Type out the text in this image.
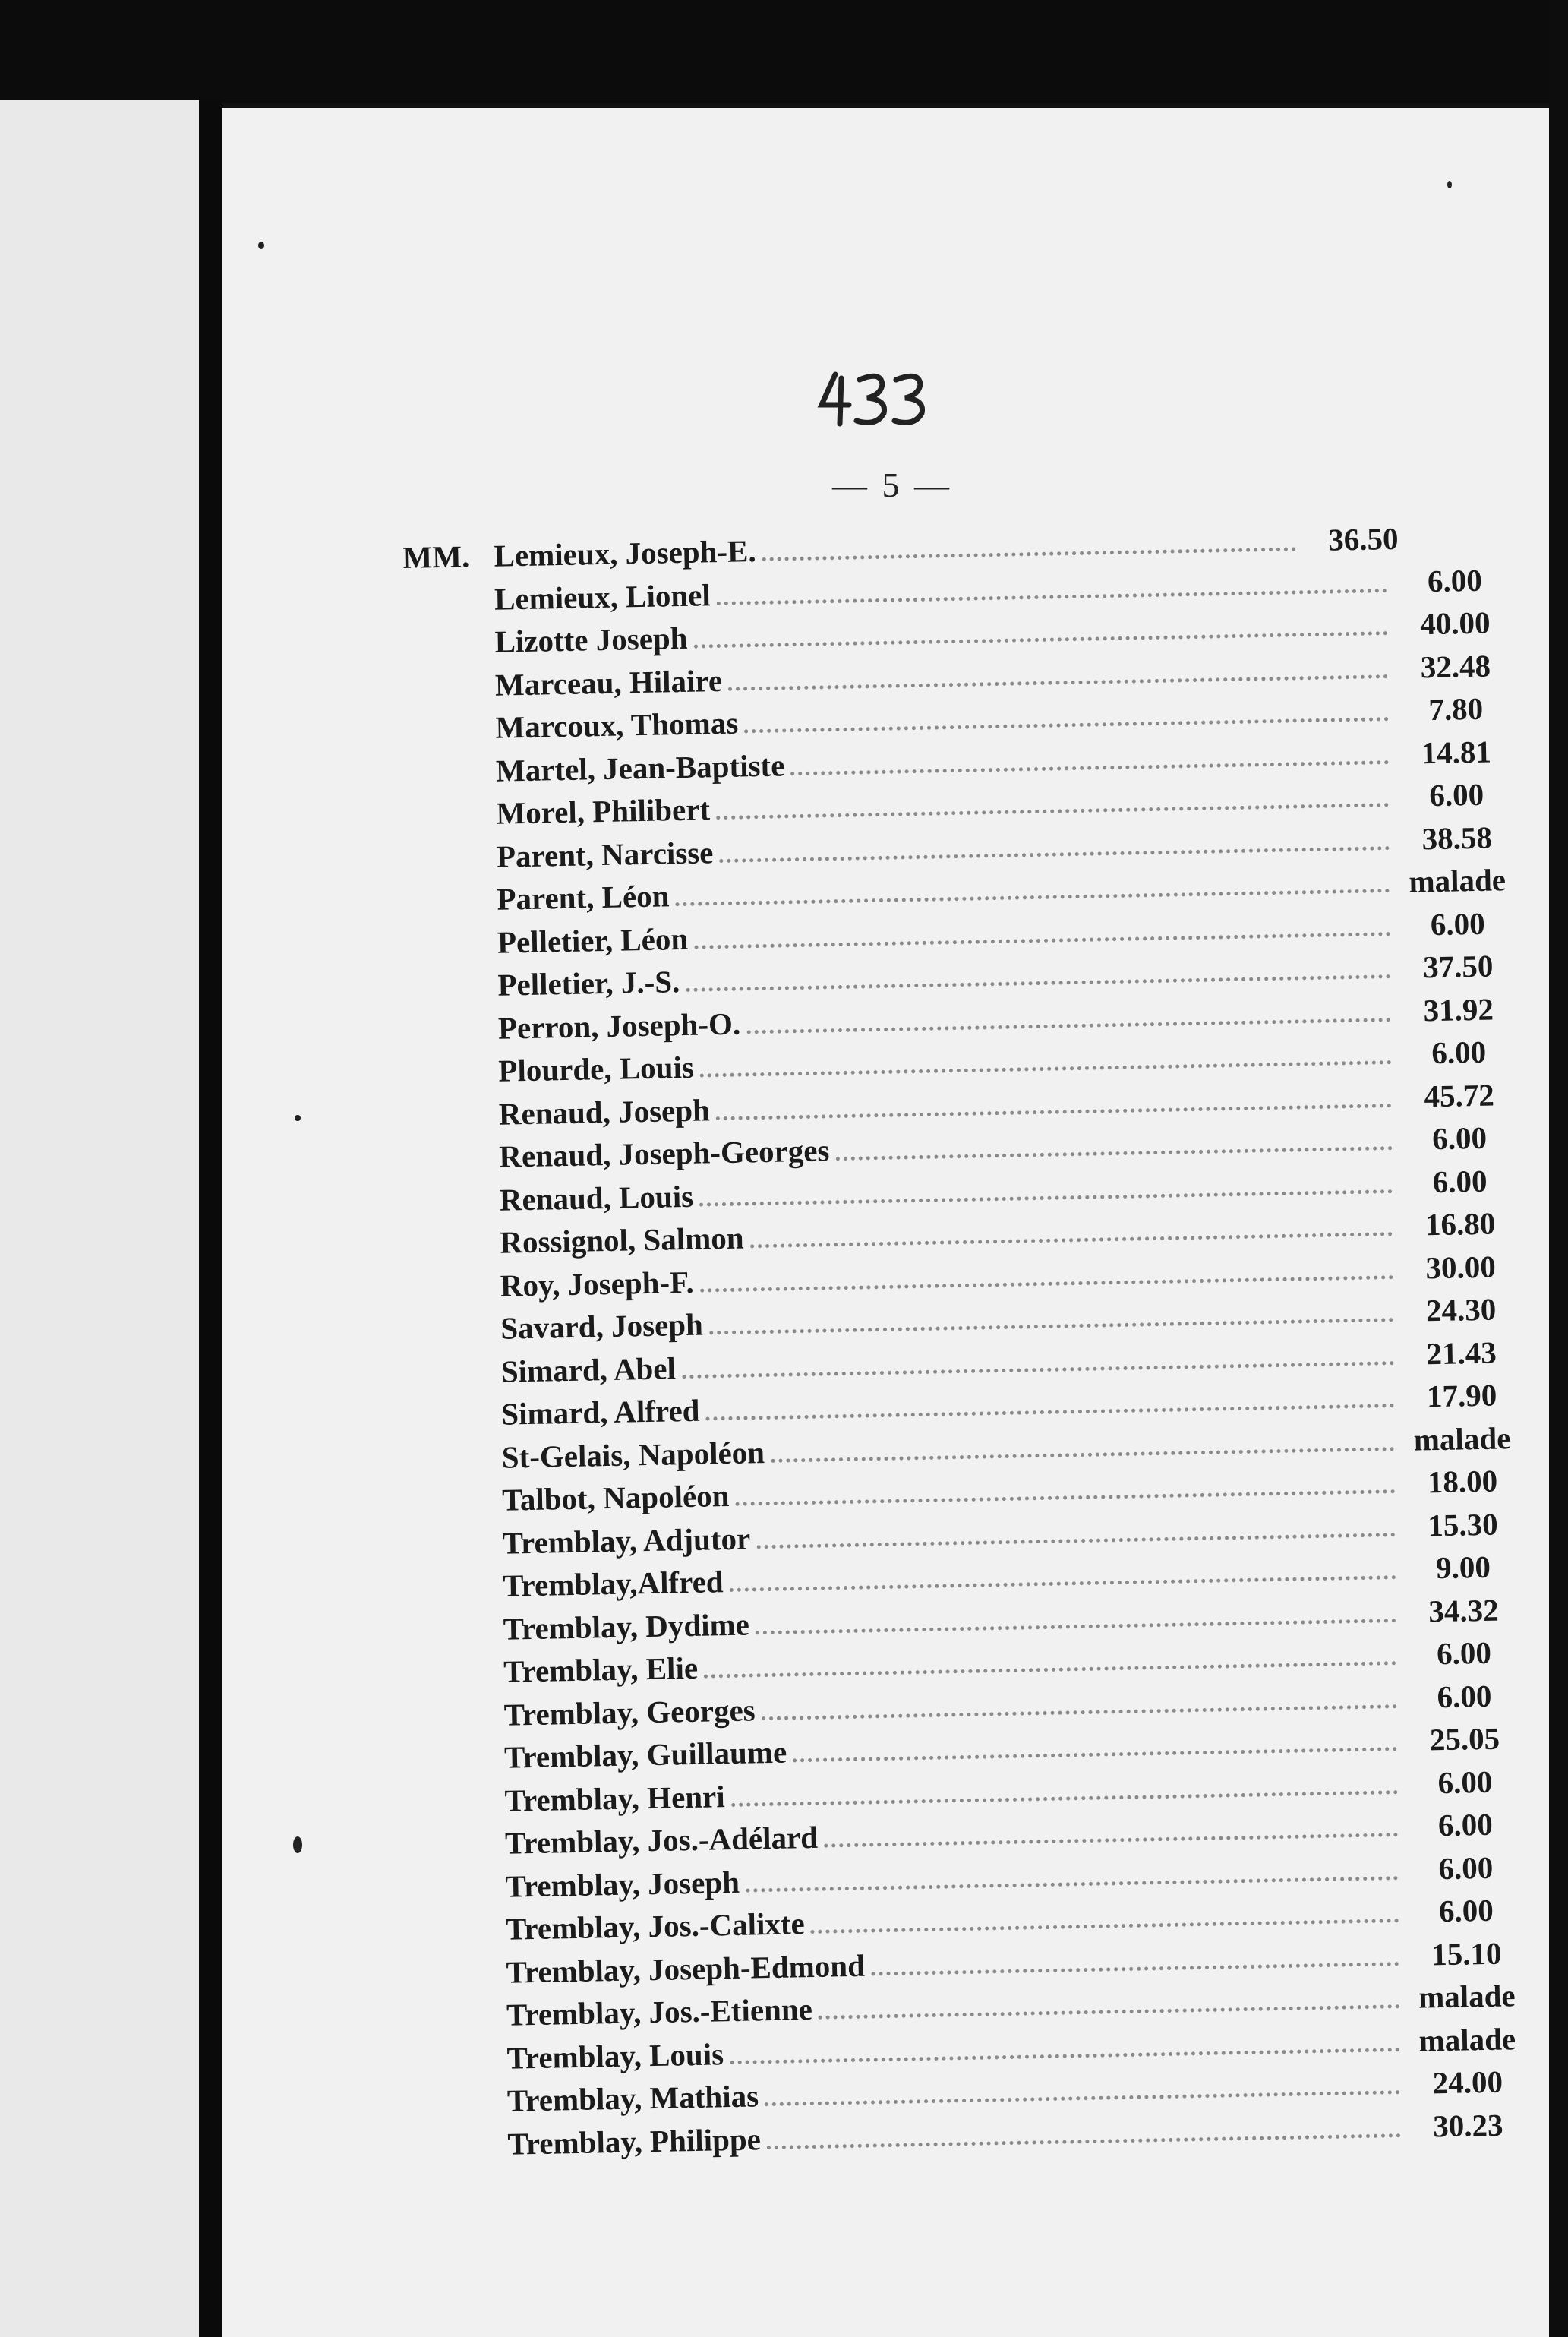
— 5 —
MM. Lemieux, Joseph-E.	36.50
Lemieux, Lionel	6.00
Lizotte Joseph	40.00
Marceau, Hilaire	32.48
Marcoux, Thomas	7.80
Martel, Jean-Baptiste	14.81
Morel, Philibert	6.00
Parent, Narcisse	38.58
Parent, Léon	malade
Pelletier, Léon	6.00
Pelletier, J.-S.	37.50
Perron, Joseph-O.	31.92
Plourde, Louis	6.00
Renaud, Joseph	45.72
Renaud, Joseph-Georges	6.00
Renaud, Louis	6.00
Rossignol, Salmon	16.80
Roy, Joseph-F.	30.00
Savard, Joseph	24.30
Simard, Abel	21.43
Simard, Alfred	17.90
St-Gelais, Napoléon	malade
Talbot, Napoléon	18.00
Tremblay, Adjutor	15.30
Tremblay,Alfred	9.00
Tremblay, Dydime	34.32
Tremblay, Elie	6.00
Tremblay, Georges	6.00
Tremblay, Guillaume	25.05
Tremblay, Henri	6.00
Tremblay, Jos.-Adélard	6.00
Tremblay, Joseph	6.00
Tremblay, Jos.-Calixte	6.00
Tremblay, Joseph-Edmond	15.10
Tremblay, Jos.-Etienne	malade
Tremblay, Louis	malade
Tremblay, Mathias	24.00
Tremblay, Philippe	30.23
